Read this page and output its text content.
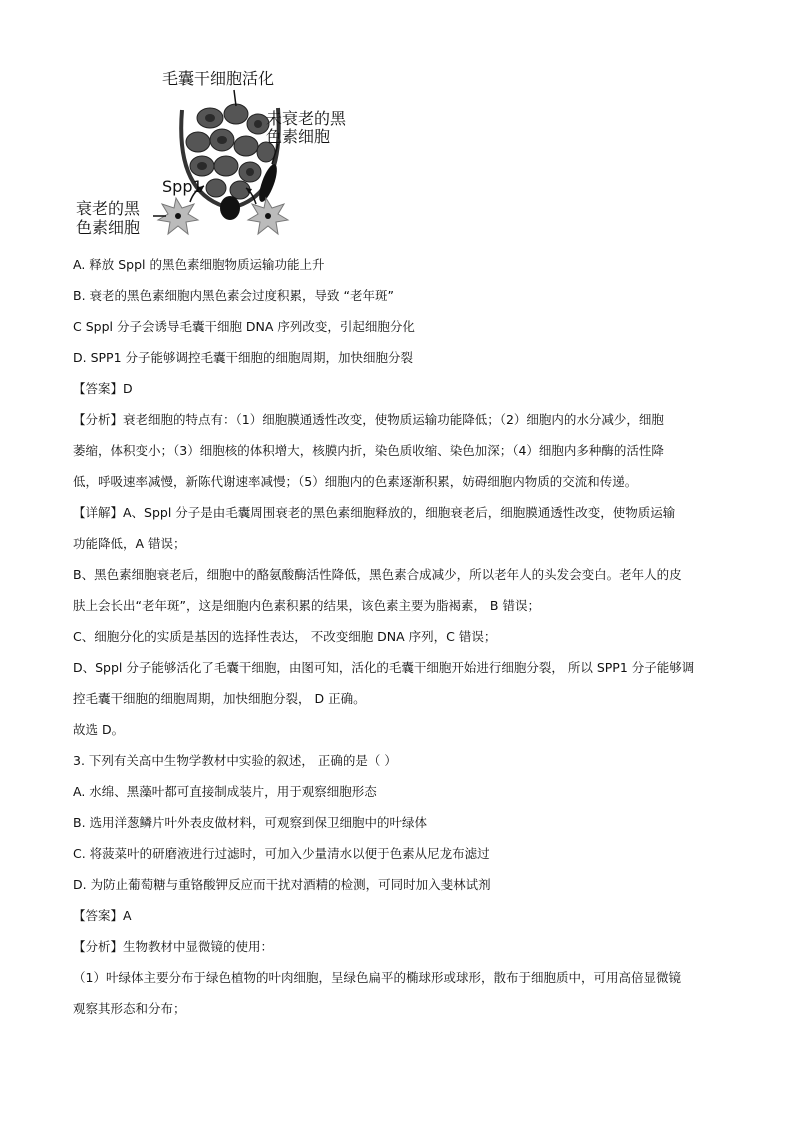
毛囊干细胞活化
未衰老的黑
色素细胞
Spp1
衰老的黑
色素细胞
A. 释放 Sppl 的黑色素细胞物质运输功能上升
B. 衰老的黑色素细胞内黑色素会过度积累，导致 “老年斑”
C Sppl 分子会诱导毛囊干细胞 DNA 序列改变，引起细胞分化
D. SPP1 分子能够调控毛囊干细胞的细胞周期，加快细胞分裂
【答案】D
【分析】衰老细胞的特点有：（1）细胞膜通透性改变，使物质运输功能降低；（2）细胞内的水分减少，细胞
萎缩，体积变小；（3）细胞核的体积增大，核膜内折，染色质收缩、染色加深；（4）细胞内多种酶的活性降
低，呼吸速率减慢，新陈代谢速率减慢；（5）细胞内的色素逐渐积累，妨碍细胞内物质的交流和传递。
【详解】A、Sppl 分子是由毛囊周围衰老的黑色素细胞释放的，细胞衰老后，细胞膜通透性改变，使物质运输
功能降低，A 错误；
B、黑色素细胞衰老后，细胞中的酪氨酸酶活性降低，黑色素合成减少，所以老年人的头发会变白。老年人的皮
肤上会长出“老年斑”，这是细胞内色素积累的结果，该色素主要为脂褐素， B 错误；
C、细胞分化的实质是基因的选择性表达， 不改变细胞 DNA 序列，C 错误；
D、Sppl 分子能够活化了毛囊干细胞，由图可知，活化的毛囊干细胞开始进行细胞分裂， 所以 SPP1 分子能够调
控毛囊干细胞的细胞周期，加快细胞分裂， D 正确。
故选 D。
3. 下列有关高中生物学教材中实验的叙述， 正确的是（ ）
A. 水绵、黑藻叶都可直接制成装片，用于观察细胞形态
B. 选用洋葱鳞片叶外表皮做材料，可观察到保卫细胞中的叶绿体
C. 将菠菜叶的研磨液进行过滤时，可加入少量清水以便于色素从尼龙布滤过
D. 为防止葡萄糖与重铬酸钾反应而干扰对酒精的检测，可同时加入斐林试剂
【答案】A
【分析】生物教材中显微镜的使用：
（1）叶绿体主要分布于绿色植物的叶肉细胞，呈绿色扁平的椭球形或球形，散布于细胞质中，可用高倍显微镜
观察其形态和分布；
